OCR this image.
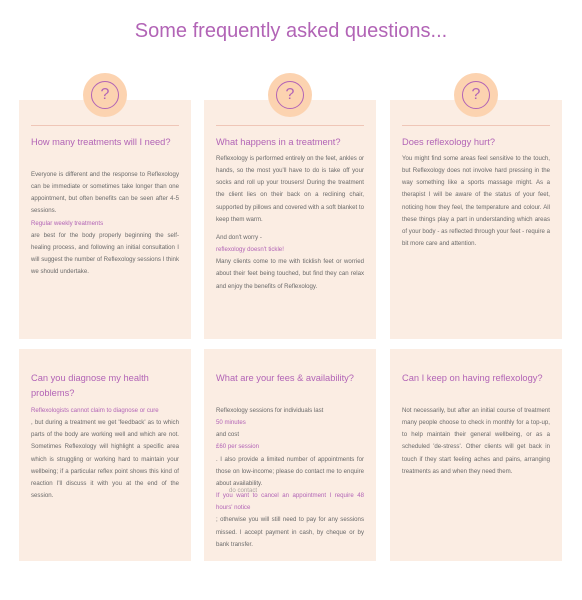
Some frequently asked questions...
?
How many treatments will I need?

Everyone is different and the response to Reflexology can be immediate or sometimes take longer than one appointment, but often benefits can be seen after 4-5 sessions.

Regular weekly treatments

are best for the body properly beginning the self-healing process, and following an initial consultation I will suggest the number of Reflexology sessions I think we should undertake.

?
What happens in a treatment?

Reflexology is performed entirely on the feet, ankles or hands, so the most you'll have to do is take off your socks and roll up your trousers! During the treatment the client lies on their back on a reclining chair, supported by pillows and covered with a soft blanket to keep them warm.

And don't worry -

reflexology doesn't tickle!

Many clients come to me with ticklish feet or worried about their feet being touched, but find they can relax and enjoy the benefits of Reflexology.

?
Does reflexology hurt?

You might find some areas feel sensitive to the touch, but Reflexology does not involve hard pressing in the way something like a sports massage might. As a therapist I will be aware of the status of your feet, noticing how they feel, the temperature and colour. All these things play a part in understanding which areas of your body - as reflected through your feet - require a bit more care and attention.

Can you diagnose my health problems?
Reflexologists cannot claim to diagnose or cure

, but during a treatment we get 'feedback' as to which parts of the body are working well and which are not. Sometimes Reflexology will highlight a specific area which is struggling or working hard to maintain your wellbeing; if a particular reflex point shows this kind of reaction I'll discuss it with you at the end of the session.

What are your fees & availability?

Reflexology sessions for individuals last

50 minutes

and cost

£60 per session

. I also provide a limited number of appointments for those on low-income; please do contact me to enquire about availability.

If you want to cancel an appointment I require 48 hours' notice

; otherwise you will still need to pay for any sessions missed. I accept payment in cash, by cheque or by bank transfer.

Can I keep on having reflexology?

Not necessarily, but after an initial course of treatment many people choose to check in monthly for a top-up, to help maintain their general wellbeing, or as a scheduled 'de-stress'. Other clients will get back in touch if they start feeling aches and pains, arranging treatments as and when they need them.

do contact
